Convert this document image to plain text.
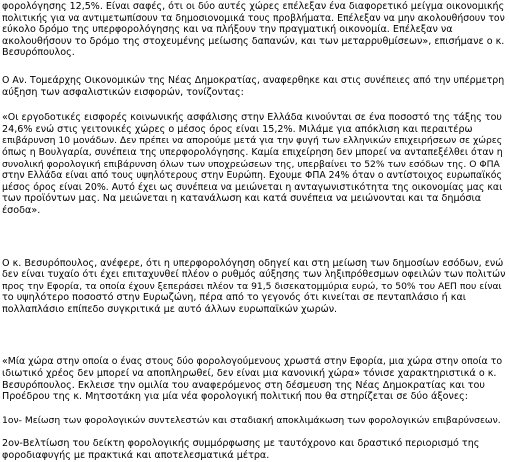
φορολόγησης 12,5%. Είναι σαφές, ότι οι δύο αυτές χώρες επέλεξαν ένα διαφορετικό μείγμα οικονομικής
πολιτικής για να αντιμετωπίσουν τα δημοσιονομικά τους προβλήματα. Επέλεξαν να μην ακολουθήσουν τον
εύκολο δρόμο της υπερφορολόγησης και να πλήξουν την πραγματική οικονομία. Επέλεξαν να
ακολουθήσουν το δρόμο της στοχευμένης μείωσης δαπανών, και των μεταρρυθμίσεων», επισήμανε ο κ.
Βεσυρόπουλος.

Ο Αν. Τομεάρχης Οικονομικών της Νέας Δημοκρατίας, αναφερθηκε και στις συνέπειες από την υπέρμετρη
αύξηση των ασφαλιστικών εισφορών, τονίζοντας:

«Οι εργοδοτικές εισφορές κοινωνικής ασφάλισης στην Ελλάδα κινούνται σε ένα ποσοστό της τάξης του
24,6% ενώ στις γειτονικές χώρες ο μέσος όρος είναι 15,2%. Μιλάμε για απόκλιση και περαιτέρω
επιβάρυνση 10 μονάδων. Δεν πρέπει να απορούμε μετά για την φυγή των ελληνικών επιχειρήσεων σε χώρες
όπως η Βουλγαρία, συνέπεια της υπερφορολόγησης. Καμία επιχείρηση δεν μπορεί να ανταπεξέλθει όταν η
συνολική φορολογική επιβάρυνση όλων των υποχρεώσεων της, υπερβαίνει το 52% των εσόδων της. Ο ΦΠΑ
στην Ελλάδα είναι από τους υψηλότερους στην Ευρώπη. Εχουμε ΦΠΑ 24% όταν ο αντίστοιχος ευρωπαϊκός
μέσος όρος είναι 20%. Αυτό έχει ως συνέπεια να μειώνεται η ανταγωνιστικότητα της οικονομίας μας και
των προϊόντων μας. Να μειώνεται η κατανάλωση και κατά συνέπεια να μειώνονται και τα δημόσια
έσοδα».

Ο κ. Βεσυρόπουλος, ανέφερε, ότι η υπερφορολόγηση οδηγεί και στη μείωση των δημοσίων εσόδων, ενώ
δεν είναι τυχαίο ότι έχει επιταχυνθεί πλέον ο ρυθμός αύξησης των ληξιπρόθεσμων οφειλών των πολιτών
προς την Εφορία, τα οποία έχουν ξεπεράσει πλέον τα 91,5 δισεκατομμύρια ευρώ, το 50% του ΑΕΠ που είναι
το υψηλότερο ποσοστό στην Ευρωζώνη, πέρα από το γεγονός ότι κινείται σε πενταπλάσιο ή και
πολλαπλάσιο επίπεδο συγκριτικά με αυτό άλλων ευρωπαϊκών χωρών.

«Μία χώρα στην οποία ο ένας στους δύο φορολογούμενους χρωστά στην Εφορία, μια χώρα στην οποία το
ιδιωτικό χρέος δεν μπορεί να αποπληρωθεί, δεν είναι μια κανονική χώρα» τόνισε χαρακτηριστικά ο κ.
Βεσυρόπουλος. Εκλεισε την ομιλία του αναφερόμενος στη δέσμευση της Νέας Δημοκρατίας και του
Προέδρου της κ. Μητσοτάκη για μία νέα φορολογική πολιτική που θα στηρίζεται σε δύο άξονες:

1ον- Μείωση των φορολογικών συντελεστών και σταδιακή αποκλιμάκωση των φορολογικών επιβαρύνσεων.

2ον-Βελτίωση του δείκτη φορολογικής συμμόρφωσης με ταυτόχρονο και δραστικό περιορισμό της
φοροδιαφυγής με πρακτικά και αποτελεσματικά μέτρα.
